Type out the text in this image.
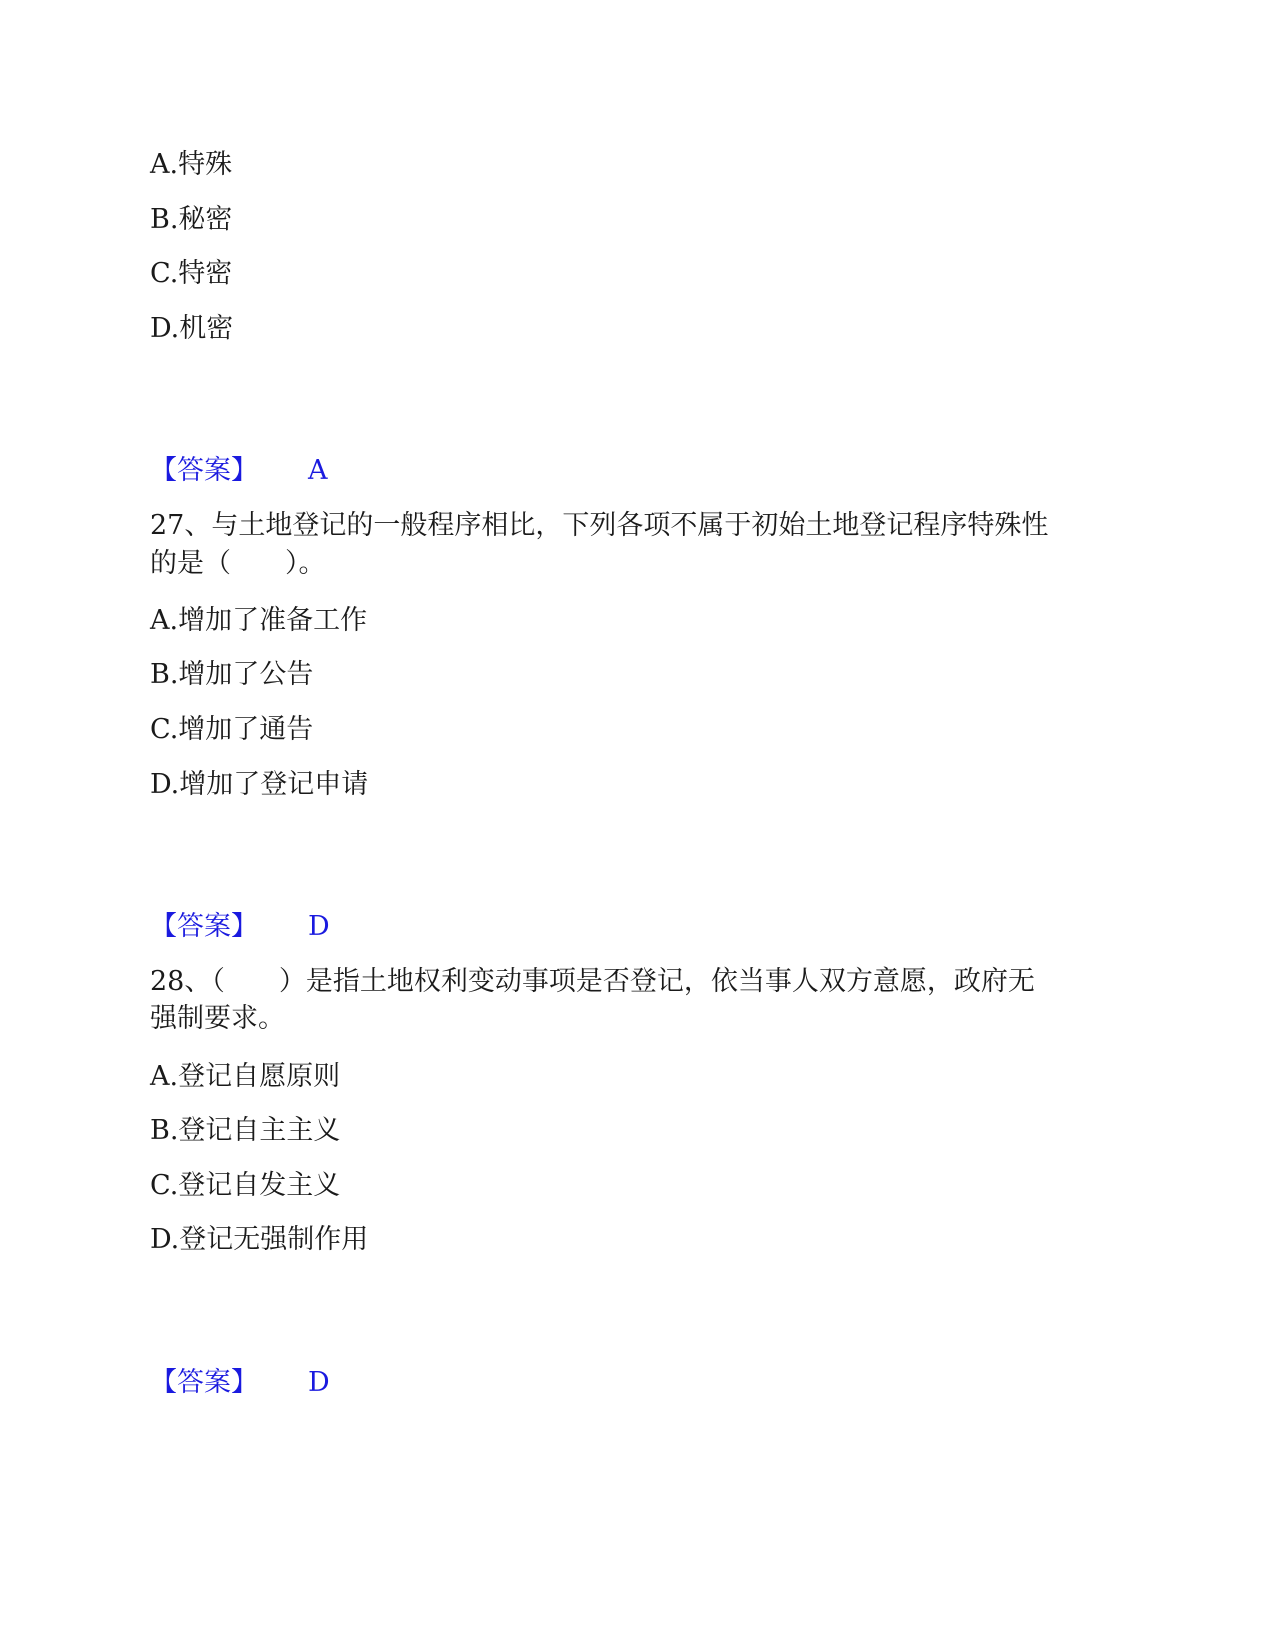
A.特殊
B.秘密
C.特密
D.机密
【答案】 A
27、与土地登记的一般程序相比，下列各项不属于初始土地登记程序特殊性
的是（　　）。
A.增加了准备工作
B.增加了公告
C.增加了通告
D.增加了登记申请
【答案】 D
28、（　　）是指土地权利变动事项是否登记，依当事人双方意愿，政府无
强制要求。
A.登记自愿原则
B.登记自主主义
C.登记自发主义
D.登记无强制作用
【答案】 D
